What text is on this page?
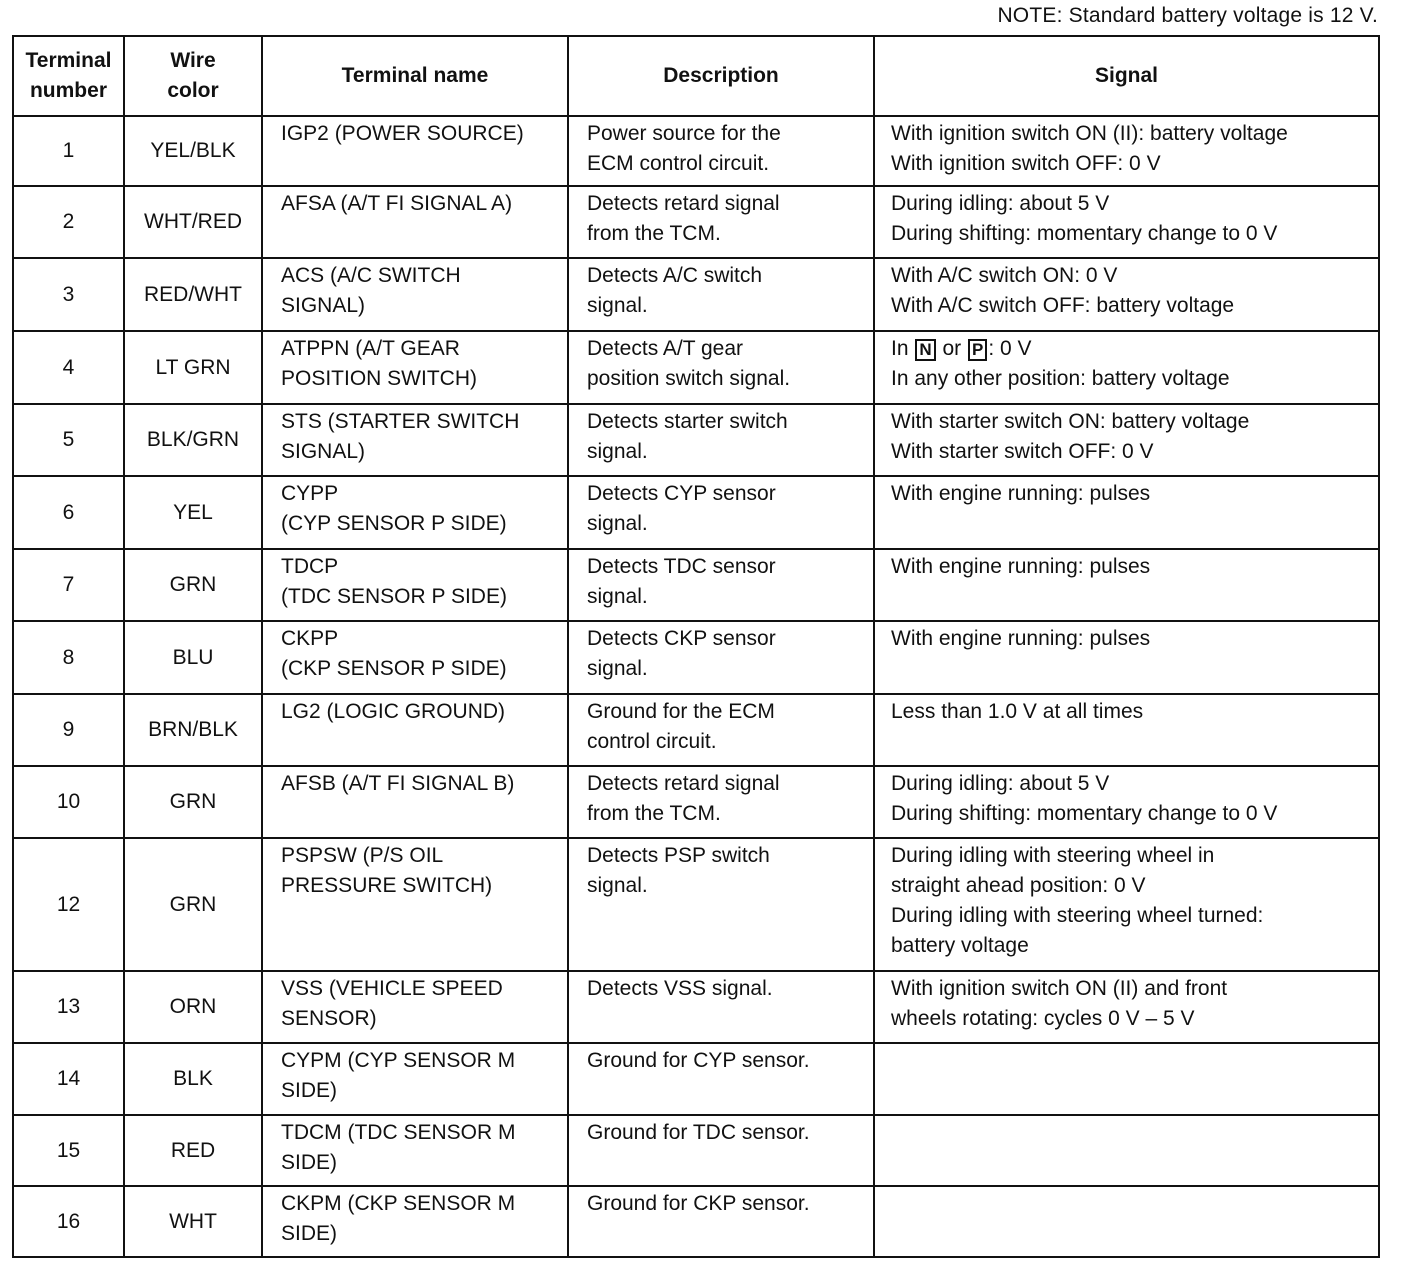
NOTE: Standard battery voltage is 12 V.
Terminal
number	Wire
color	Terminal name	Description	Signal
1	YEL/BLK	IGP2 (POWER SOURCE)	Power source for the
ECM control circuit.	With ignition switch ON (II): battery voltage
With ignition switch OFF: 0 V

2	WHT/RED	AFSA (A/T FI SIGNAL A)	Detects retard signal
from the TCM.	During idling: about 5 V
During shifting: momentary change to 0 V

3	RED/WHT	ACS (A/C SWITCH
SIGNAL)	Detects A/C switch
signal.	With A/C switch ON: 0 V
With A/C switch OFF: battery voltage

4	LT GRN	ATPPN (A/T GEAR
POSITION SWITCH)	Detects A/T gear
position switch signal.	In N or P : 0 V
In any other position: battery voltage

5	BLK/GRN	STS (STARTER SWITCH
SIGNAL)	Detects starter switch
signal.	With starter switch ON: battery voltage
With starter switch OFF: 0 V

6	YEL	CYPP
(CYP SENSOR P SIDE)	Detects CYP sensor
signal.	With engine running: pulses

7	GRN	TDCP
(TDC SENSOR P SIDE)	Detects TDC sensor
signal.	With engine running: pulses

8	BLU	CKPP
(CKP SENSOR P SIDE)	Detects CKP sensor
signal.	With engine running: pulses

9	BRN/BLK	LG2 (LOGIC GROUND)	Ground for the ECM
control circuit.	Less than 1.0 V at all times

10	GRN	AFSB (A/T FI SIGNAL B)	Detects retard signal
from the TCM.	During idling: about 5 V
During shifting: momentary change to 0 V

12	GRN	PSPSW (P/S OIL
PRESSURE SWITCH)	Detects PSP switch
signal.	During idling with steering wheel in
straight ahead position: 0 V
During idling with steering wheel turned:
battery voltage

13	ORN	VSS (VEHICLE SPEED
SENSOR)	Detects VSS signal.	With ignition switch ON (II) and front
wheels rotating: cycles 0 V – 5 V

14	BLK	CYPM (CYP SENSOR M
SIDE)	Ground for CYP sensor.	

15	RED	TDCM (TDC SENSOR M
SIDE)	Ground for TDC sensor.	

16	WHT	CKPM (CKP SENSOR M
SIDE)	Ground for CKP sensor.	
